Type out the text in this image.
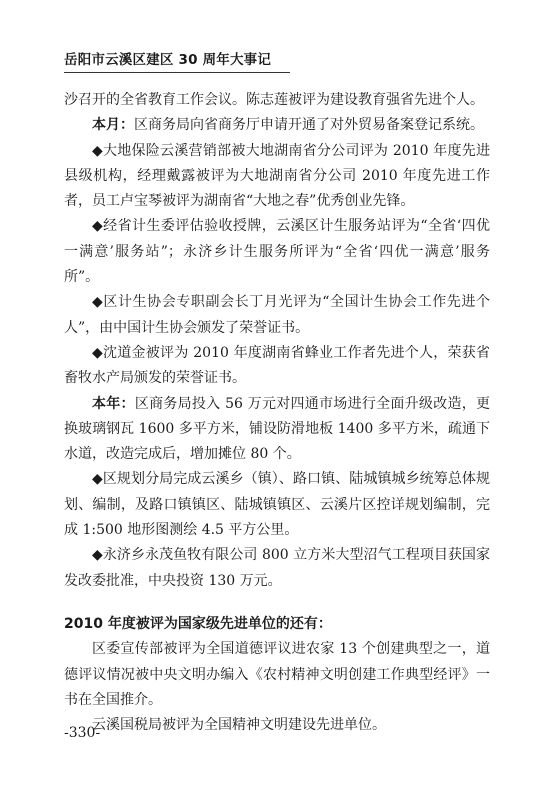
岳阳市云溪区建区 30 周年大事记

沙召开的全省教育工作会议。陈志莲被评为建设教育强省先进个人。

本月：区商务局向省商务厅申请开通了对外贸易备案登记系统。

◆大地保险云溪营销部被大地湖南省分公司评为 2010 年度先进县级机构，经理戴露被评为大地湖南省分公司 2010 年度先进工作者，员工卢宝琴被评为湖南省“大地之春”优秀创业先锋。

◆经省计生委评估验收授牌，云溪区计生服务站评为“全省‘四优一满意’服务站”；永济乡计生服务所评为“全省‘四优一满意’服务所”。

◆区计生协会专职副会长丁月光评为“全国计生协会工作先进个人”，由中国计生协会颁发了荣誉证书。

◆沈道金被评为 2010 年度湖南省蜂业工作者先进个人，荣获省畜牧水产局颁发的荣誉证书。

本年：区商务局投入 56 万元对四通市场进行全面升级改造，更换玻璃钢瓦 1600 多平方米，铺设防滑地板 1400 多平方米，疏通下水道，改造完成后，增加摊位 80 个。

◆区规划分局完成云溪乡（镇）、路口镇、陆城镇城乡统筹总体规划、编制，及路口镇镇区、陆城镇镇区、云溪片区控详规划编制，完成 1:500 地形图测绘 4.5 平方公里。

◆永济乡永茂鱼牧有限公司 800 立方米大型沼气工程项目获国家发改委批准，中央投资 130 万元。

2010 年度被评为国家级先进单位的还有：

区委宣传部被评为全国道德评议进农家 13 个创建典型之一，道德评议情况被中央文明办编入《农村精神文明创建工作典型经评》一书在全国推介。

云溪国税局被评为全国精神文明建设先进单位。

-330-
